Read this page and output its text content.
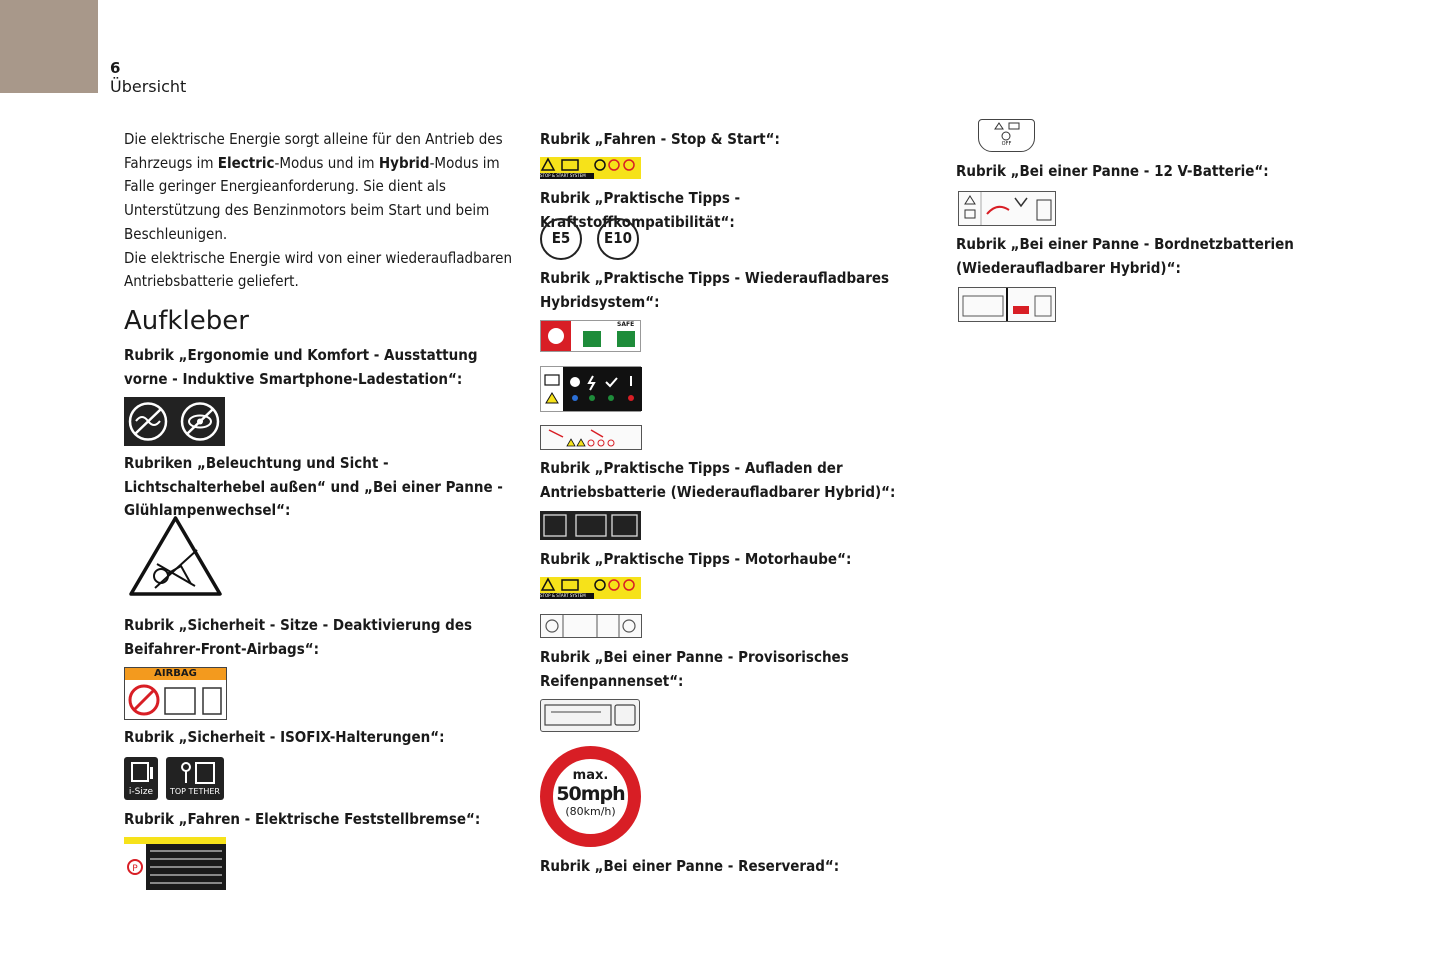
6
Übersicht

Die elektrische Energie sorgt alleine für den Antrieb des Fahrzeugs im Electric-Modus und im Hybrid-Modus im Falle geringer Energieanforderung. Sie dient als Unterstützung des Benzinmotors beim Start und beim Beschleunigen.

Die elektrische Energie wird von einer wiederaufladbaren Antriebsbatterie geliefert.

Aufkleber

Rubrik „Ergonomie und Komfort - Ausstattung vorne - Induktive Smartphone-Ladestation“:

Rubriken „Beleuchtung und Sicht - Lichtschalterhebel außen“ und „Bei einer Panne - Glühlampenwechsel“:

Rubrik „Sicherheit - Sitze - Deaktivierung des Beifahrer-Front-Airbags“:

AIRBAG

Rubrik „Sicherheit - ISOFIX-Halterungen“:

i-Size	TOP TETHER

Rubrik „Fahren - Elektrische Feststellbremse“:

P

Rubrik „Fahren - Stop & Start“:

STOP & START SYSTEM

Rubrik „Praktische Tipps - Kraftstoffkompatibilität“:

E5	E10

Rubrik „Praktische Tipps - Wiederaufladbares Hybridsystem“:

SAFE

Rubrik „Praktische Tipps - Aufladen der Antriebsbatterie (Wiederaufladbarer Hybrid)“:

Rubrik „Praktische Tipps - Motorhaube“:

STOP & START SYSTEM

Rubrik „Bei einer Panne - Provisorisches Reifenpannenset“:

max.
50mph
(80km/h)

Rubrik „Bei einer Panne - Reserverad“:

OFF

Rubrik „Bei einer Panne - 12 V-Batterie“:

Rubrik „Bei einer Panne - Bordnetzbatterien (Wiederaufladbarer Hybrid)“:
